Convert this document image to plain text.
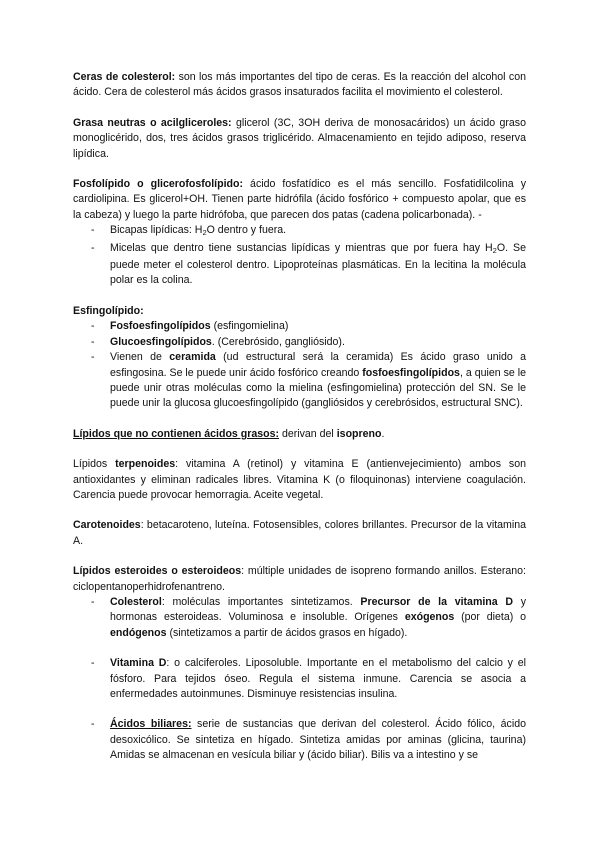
Ceras de colesterol: son los más importantes del tipo de ceras. Es la reacción del alcohol con ácido. Cera de colesterol más ácidos grasos insaturados facilita el movimiento el colesterol.

Grasa neutras o acilgliceroles: glicerol (3C, 3OH deriva de monosacáridos) un ácido graso monoglicérido, dos, tres ácidos grasos triglicérido. Almacenamiento en tejido adiposo, reserva lipídica.

Fosfolípido o glicerofosfolípido: ácido fosfatídico es el más sencillo. Fosfatidilcolina y cardiolipina. Es glicerol+OH. Tienen parte hidrófila (ácido fosfórico + compuesto apolar, que es la cabeza) y luego la parte hidrófoba, que parecen dos patas (cadena policarbonada). -

- Bicapas lipídicas: $H_2O$ dentro y fuera.
- Micelas que dentro tiene sustancias lipídicas y mientras que por fuera hay $H_2O$. Se puede meter el colesterol dentro. Lipoproteínas plasmáticas. En la lecitina la molécula polar es la colina.

Esfingolípido:

- Fosfoesfingolípidos (esfingomielina)
- Glucoesfingolípidos. (Cerebrósido, gangliósido).
- Vienen de ceramida (ud estructural será la ceramida) Es ácido graso unido a esfingosina. Se le puede unir ácido fosfórico creando fosfoesfingolípidos, a quien se le puede unir otras moléculas como la mielina (esfingomielina) protección del SN. Se le puede unir la glucosa glucoesfingolípido (gangliósidos y cerebrósidos, estructural SNC).

Lípidos que no contienen ácidos grasos: derivan del isopreno.

Lípidos terpenoides: vitamina A (retinol) y vitamina E (antienvejecimiento) ambos son antioxidantes y eliminan radicales libres. Vitamina K (o filoquinonas) interviene coagulación. Carencia puede provocar hemorragia. Aceite vegetal.

Carotenoides: betacaroteno, luteína. Fotosensibles, colores brillantes. Precursor de la vitamina A.

Lípidos esteroides o esteroideos: múltiple unidades de isopreno formando anillos. Esterano: ciclopentanoperhidrofenantreno.

- Colesterol: moléculas importantes sintetizamos. Precursor de la vitamina D y hormonas esteroideas. Voluminosa e insoluble. Orígenes exógenos (por dieta) o endógenos (sintetizamos a partir de ácidos grasos en hígado).
- Vitamina D: o calciferoles. Liposoluble. Importante en el metabolismo del calcio y el fósforo. Para tejidos óseo. Regula el sistema inmune. Carencia se asocia a enfermedades autoinmunes. Disminuye resistencias insulina.
- Ácidos biliares: serie de sustancias que derivan del colesterol. Ácido fólico, ácido desoxicólico. Se sintetiza en hígado. Sintetiza amidas por aminas (glicina, taurina) Amidas se almacenan en vesícula biliar y (ácido biliar). Bilis va a intestino y se
